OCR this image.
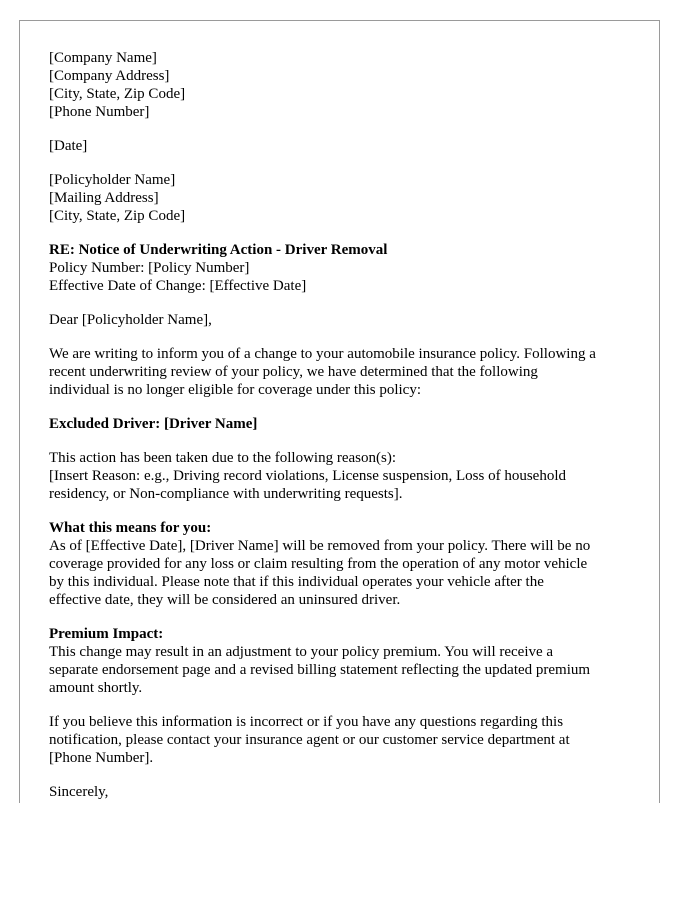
[Company Name]
[Company Address]
[City, State, Zip Code]
[Phone Number]
[Date]
[Policyholder Name]
[Mailing Address]
[City, State, Zip Code]
RE: Notice of Underwriting Action - Driver Removal
Policy Number: [Policy Number]
Effective Date of Change: [Effective Date]
Dear [Policyholder Name],
We are writing to inform you of a change to your automobile insurance policy. Following a
recent underwriting review of your policy, we have determined that the following
individual is no longer eligible for coverage under this policy:
Excluded Driver: [Driver Name]
This action has been taken due to the following reason(s):
[Insert Reason: e.g., Driving record violations, License suspension, Loss of household
residency, or Non-compliance with underwriting requests].
What this means for you:
As of [Effective Date], [Driver Name] will be removed from your policy. There will be no
coverage provided for any loss or claim resulting from the operation of any motor vehicle
by this individual. Please note that if this individual operates your vehicle after the
effective date, they will be considered an uninsured driver.
Premium Impact:
This change may result in an adjustment to your policy premium. You will receive a
separate endorsement page and a revised billing statement reflecting the updated premium
amount shortly.
If you believe this information is incorrect or if you have any questions regarding this
notification, please contact your insurance agent or our customer service department at
[Phone Number].
Sincerely,
